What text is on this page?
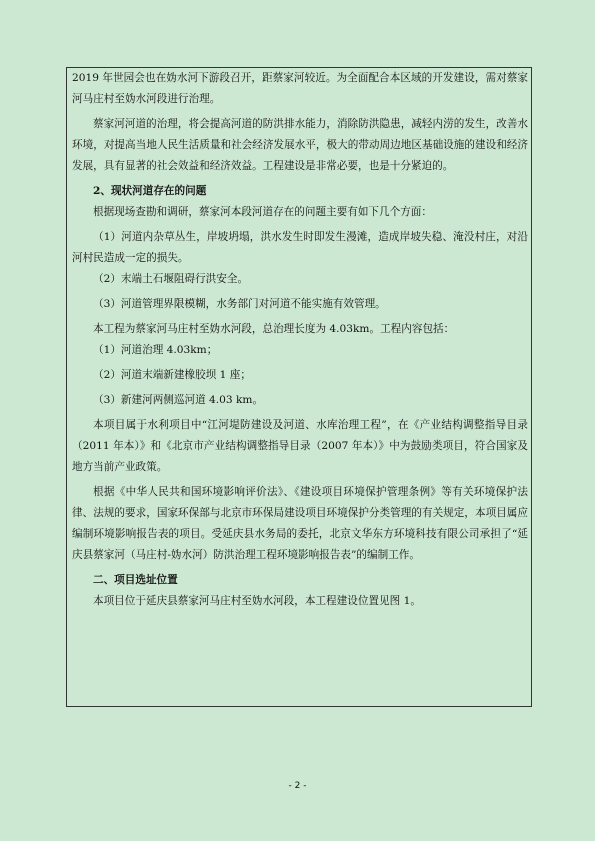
2019 年世园会也在妫水河下游段召开，距蔡家河较近。为全面配合本区域的开发建设，需对蔡家河马庄村至妫水河段进行治理。

蔡家河河道的治理，将会提高河道的防洪排水能力，消除防洪隐患，减轻内涝的发生，改善水环境，对提高当地人民生活质量和社会经济发展水平，极大的带动周边地区基础设施的建设和经济发展，具有显著的社会效益和经济效益。工程建设是非常必要，也是十分紧迫的。

2、现状河道存在的问题

根据现场查勘和调研，蔡家河本段河道存在的问题主要有如下几个方面：

（1）河道内杂草丛生，岸坡坍塌，洪水发生时即发生漫滩，造成岸坡失稳、淹没村庄，对沿河村民造成一定的损失。

（2）末端土石堰阻碍行洪安全。

（3）河道管理界限模糊，水务部门对河道不能实施有效管理。

本工程为蔡家河马庄村至妫水河段，总治理长度为 4.03km。工程内容包括：

（1）河道治理 4.03km；

（2）河道末端新建橡胶坝 1 座；

（3）新建河两侧巡河道 4.03 km。

本项目属于水利项目中“江河堤防建设及河道、水库治理工程”，在《产业结构调整指导目录（2011 年本）》和《北京市产业结构调整指导目录（2007 年本）》中为鼓励类项目，符合国家及地方当前产业政策。

根据《中华人民共和国环境影响评价法》、《建设项目环境保护管理条例》等有关环境保护法律、法规的要求，国家环保部与北京市环保局建设项目环境保护分类管理的有关规定，本项目属应编制环境影响报告表的项目。受延庆县水务局的委托，北京文华东方环境科技有限公司承担了“延庆县蔡家河（马庄村-妫水河）防洪治理工程环境影响报告表”的编制工作。

二、项目选址位置

本项目位于延庆县蔡家河马庄村至妫水河段，本工程建设位置见图 1。

- 2 -
